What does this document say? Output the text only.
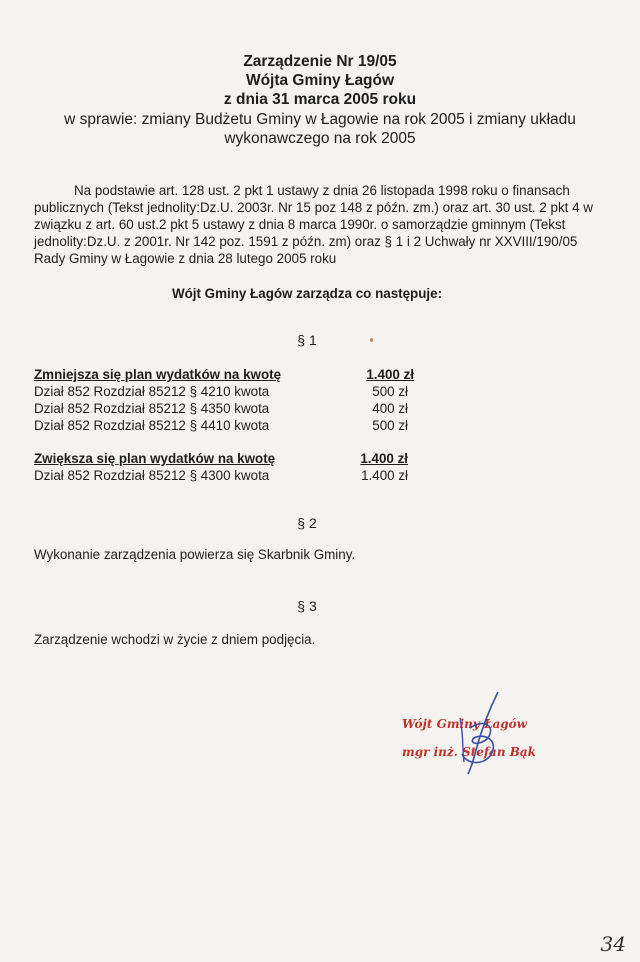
Zarządzenie Nr 19/05

Wójta Gminy Łagów

z dnia 31 marca 2005 roku

w sprawie: zmiany Budżetu Gminy w Łagowie na rok 2005 i zmiany układu wykonawczego na rok 2005
Na podstawie art. 128 ust. 2 pkt 1 ustawy z dnia 26 listopada 1998 roku o finansach publicznych (Tekst jednolity:Dz.U. 2003r. Nr 15 poz 148 z późn. zm.) oraz art. 30 ust. 2 pkt 4 w związku z art. 60 ust.2 pkt 5 ustawy z dnia 8 marca 1990r. o samorządzie gminnym (Tekst jednolity:Dz.U. z 2001r. Nr 142 poz. 1591 z późn. zm) oraz § 1 i 2 Uchwały nr XXVIII/190/05 Rady Gminy w Łagowie z dnia 28 lutego 2005 roku
Wójt Gminy Łagów zarządza co następuje:
§ 1
Zmniejsza się plan wydatków na kwotę	1.400 zł
Dział 852 Rozdział 85212 § 4210 kwota	500 zł
Dział 852 Rozdział 85212 § 4350 kwota	400 zł
Dział 852 Rozdział 85212 § 4410 kwota	500 zł
Zwiększa się plan wydatków na kwotę	1.400 zł
Dział 852 Rozdział 85212 § 4300 kwota	1.400 zł
§ 2
Wykonanie zarządzenia powierza się Skarbnik Gminy.
§ 3
Zarządzenie wchodzi w życie z dniem podjęcia.
Wójt Gminy Łagów
mgr inż. Stefan Bąk
34
